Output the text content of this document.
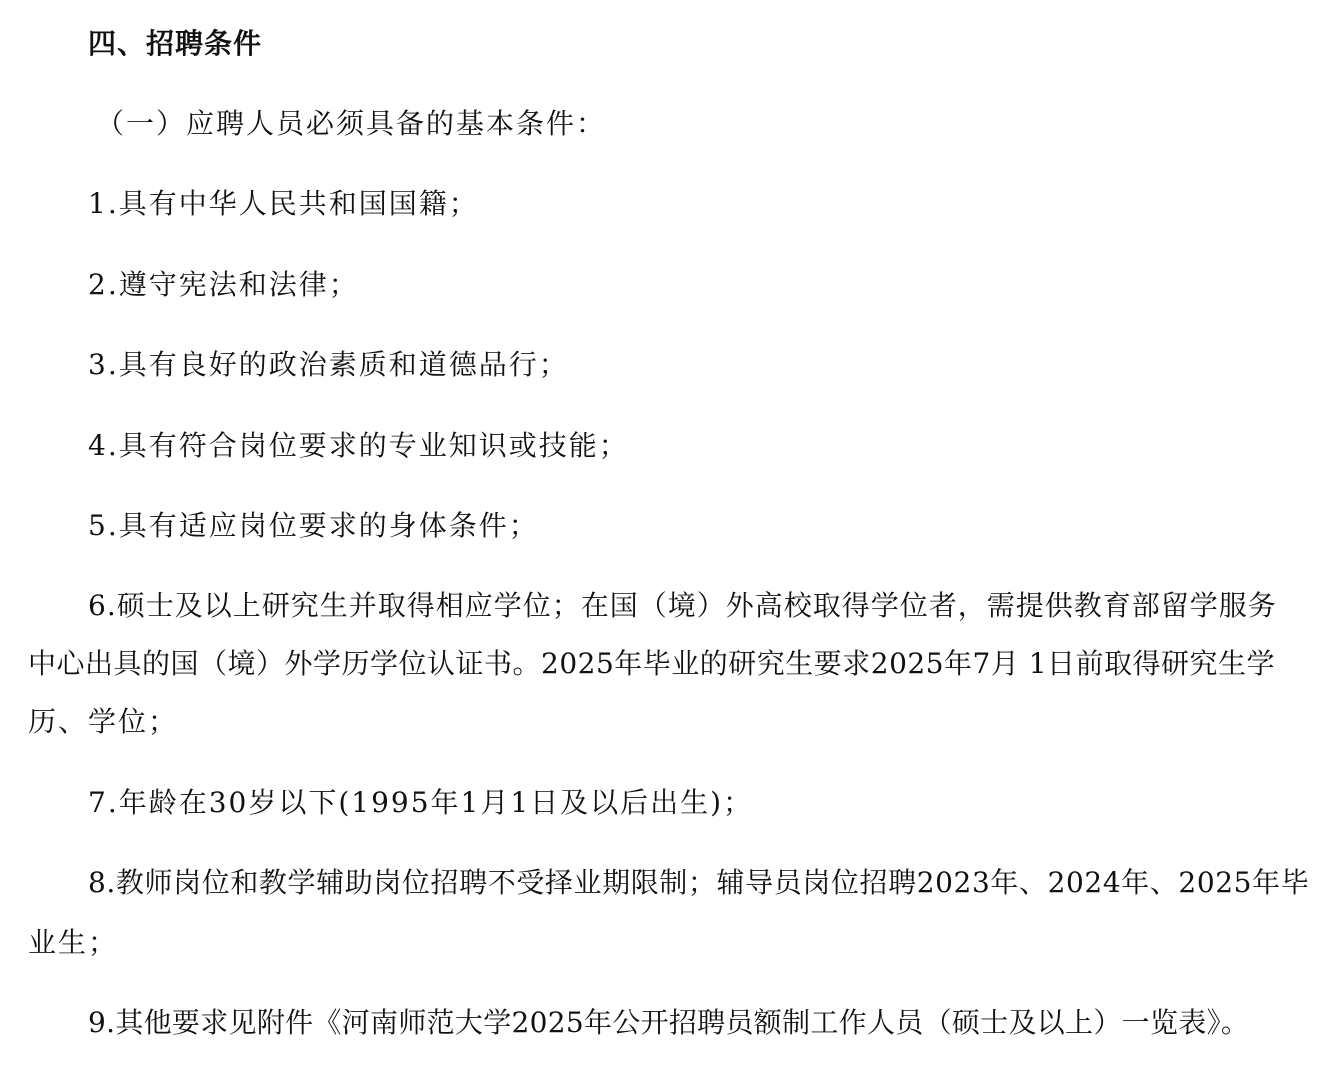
四、招聘条件
（一）应聘人员必须具备的基本条件：
1.具有中华人民共和国国籍；
2.遵守宪法和法律；
3.具有良好的政治素质和道德品行；
4.具有符合岗位要求的专业知识或技能；
5.具有适应岗位要求的身体条件；
6.硕士及以上研究生并取得相应学位；在国（境）外高校取得学位者，需提供教育部留学服务
中心出具的国（境）外学历学位认证书。2025年毕业的研究生要求2025年7月 1日前取得研究生学
历、学位；
7.年龄在30岁以下(1995年1月1日及以后出生)；
8.教师岗位和教学辅助岗位招聘不受择业期限制；辅导员岗位招聘2023年、2024年、2025年毕
业生；
9.其他要求见附件《河南师范大学2025年公开招聘员额制工作人员（硕士及以上）一览表》。
